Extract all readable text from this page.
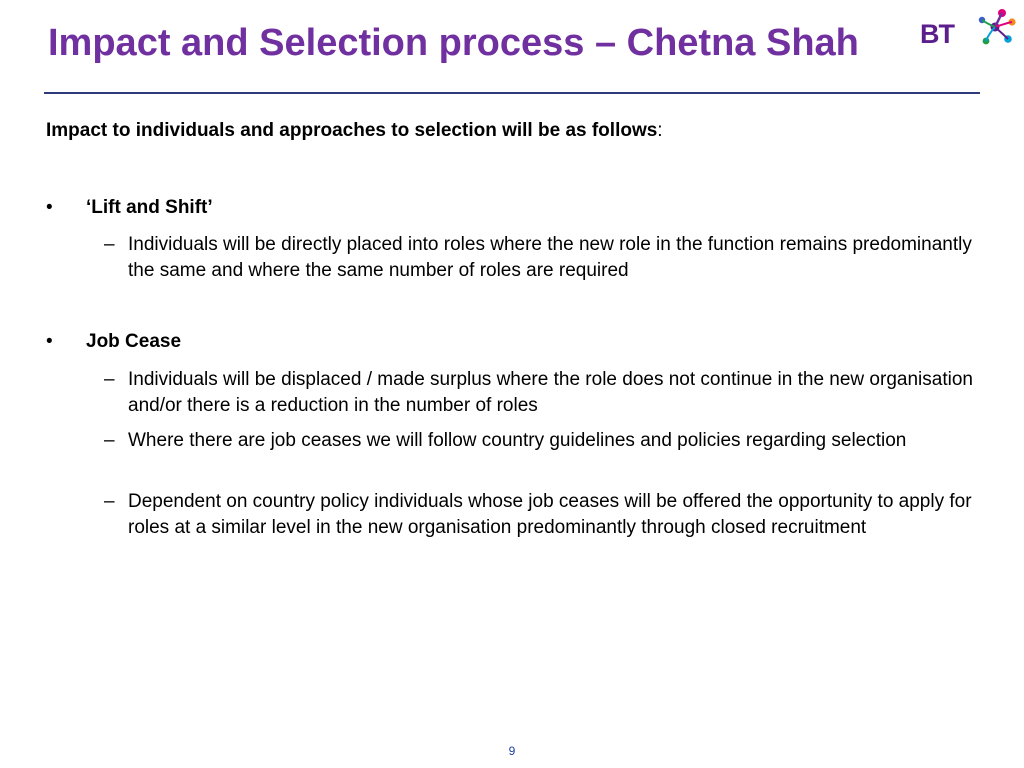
Impact and Selection process – Chetna Shah BT

Impact to individuals and approaches to selection will be as follows:

• ‘Lift and Shift’
– Individuals will be directly placed into roles where the new role in the function remains predominantly the same and where the same number of roles are required
• Job Cease
– Individuals will be displaced / made surplus where the role does not continue in the new organisation and/or there is a reduction in the number of roles
– Where there are job ceases we will follow country guidelines and policies regarding selection
– Dependent on country policy individuals whose job ceases will be offered the opportunity to apply for roles at a similar level in the new organisation predominantly through closed recruitment
9
